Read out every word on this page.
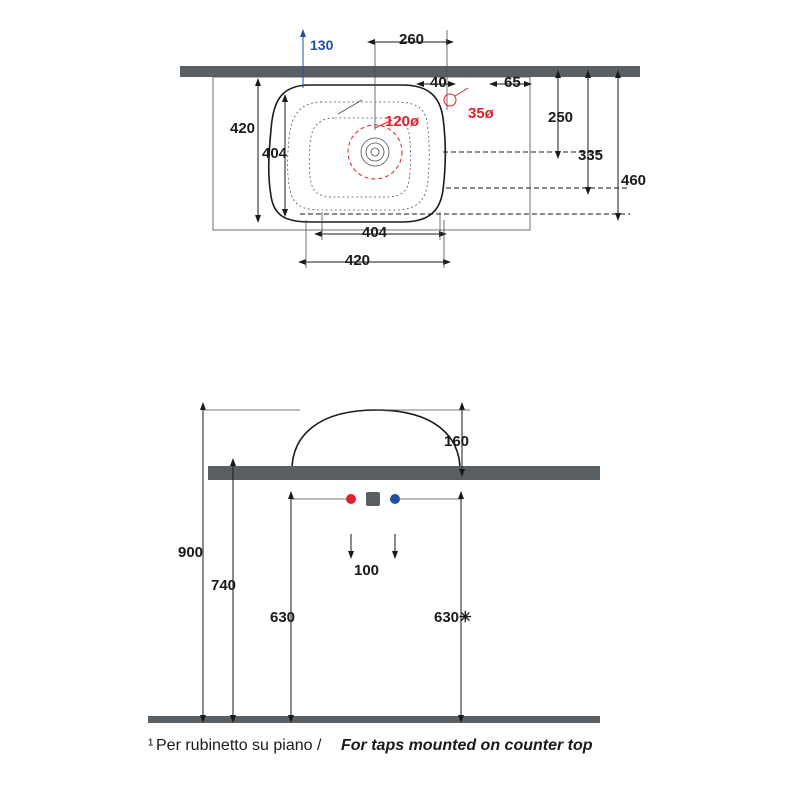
130	260
40	65
35ø
120ø
420
404
250
335
460
404
420
160
900
740
100
630	630✳
¹ Per rubinetto su piano / For taps mounted on counter top
